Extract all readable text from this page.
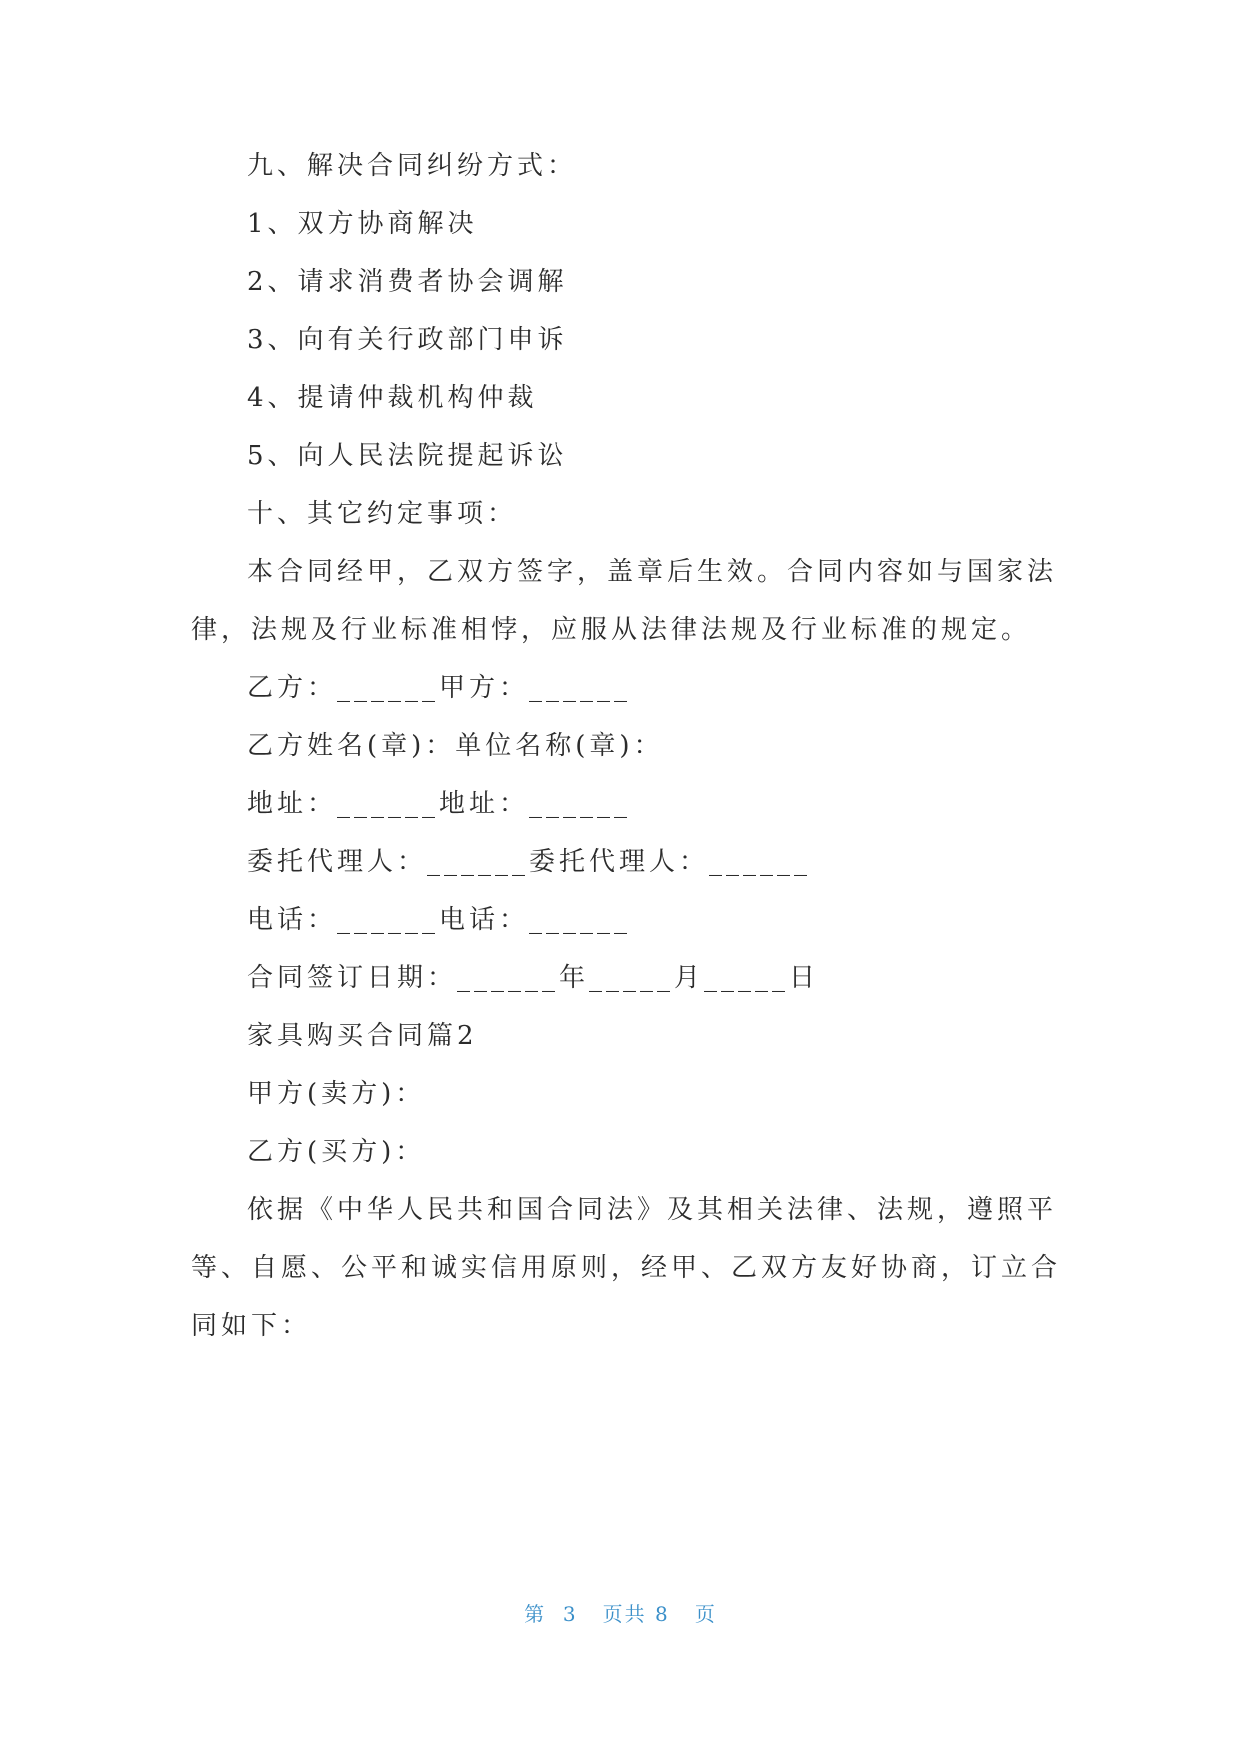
九、解决合同纠纷方式：
1、双方协商解决
2、请求消费者协会调解
3、向有关行政部门申诉
4、提请仲裁机构仲裁
5、向人民法院提起诉讼
十、其它约定事项：
本合同经甲，乙双方签字，盖章后生效。合同内容如与国家法
律，法规及行业标准相悖，应服从法律法规及行业标准的规定。
乙方：______甲方：______
乙方姓名(章)：单位名称(章)：
地址：______地址：______
委托代理人：______委托代理人：______
电话：______电话：______
合同签订日期：______年_____月_____日
家具购买合同篇2
甲方(卖方)：
乙方(买方)：
依据《中华人民共和国合同法》及其相关法律、法规，遵照平
等、自愿、公平和诚实信用原则，经甲、乙双方友好协商，订立合
同如下：
第  3   页共 8   页
